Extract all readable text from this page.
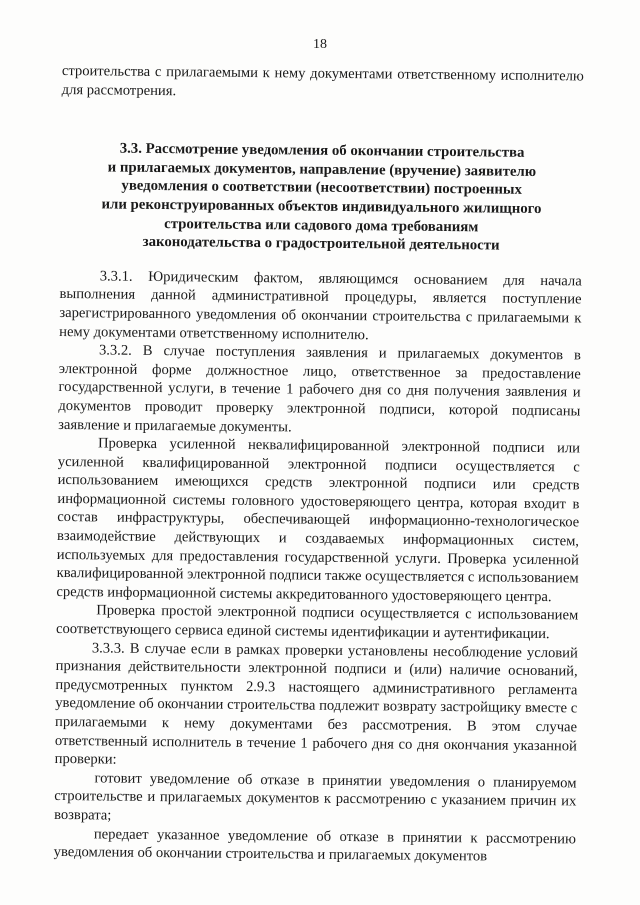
18

строительства с прилагаемыми к нему документами ответственному исполнителю для рассмотрения.

3.3. Рассмотрение уведомления об окончании строительства
и прилагаемых документов, направление (вручение) заявителю
уведомления о соответствии (несоответствии) построенных
или реконструированных объектов индивидуального жилищного
строительства или садового дома требованиям
законодательства о градостроительной деятельности

3.3.1. Юридическим фактом, являющимся основанием для начала выполнения данной административной процедуры, является поступление зарегистрированного уведомления об окончании строительства с прилагаемыми к нему документами ответственному исполнителю.

3.3.2. В случае поступления заявления и прилагаемых документов в электронной форме должностное лицо, ответственное за предоставление государственной услуги, в течение 1 рабочего дня со дня получения заявления и документов проводит проверку электронной подписи, которой подписаны заявление и прилагаемые документы.

Проверка усиленной неквалифицированной электронной подписи или усиленной квалифицированной электронной подписи осуществляется с использованием имеющихся средств электронной подписи или средств информационной системы головного удостоверяющего центра, которая входит в состав инфраструктуры, обеспечивающей информационно-технологическое взаимодействие действующих и создаваемых информационных систем, используемых для предоставления государственной услуги. Проверка усиленной квалифицированной электронной подписи также осуществляется с использованием средств информационной системы аккредитованного удостоверяющего центра.

Проверка простой электронной подписи осуществляется с использованием соответствующего сервиса единой системы идентификации и аутентификации.

3.3.3. В случае если в рамках проверки установлены несоблюдение условий признания действительности электронной подписи и (или) наличие оснований, предусмотренных пунктом 2.9.3 настоящего административного регламента уведомление об окончании строительства подлежит возврату застройщику вместе с прилагаемыми к нему документами без рассмотрения. В этом случае ответственный исполнитель в течение 1 рабочего дня со дня окончания указанной проверки:

готовит уведомление об отказе в принятии уведомления о планируемом строительстве и прилагаемых документов к рассмотрению с указанием причин их возврата;

передает указанное уведомление об отказе в принятии к рассмотрению уведомления об окончании строительства и прилагаемых документов
